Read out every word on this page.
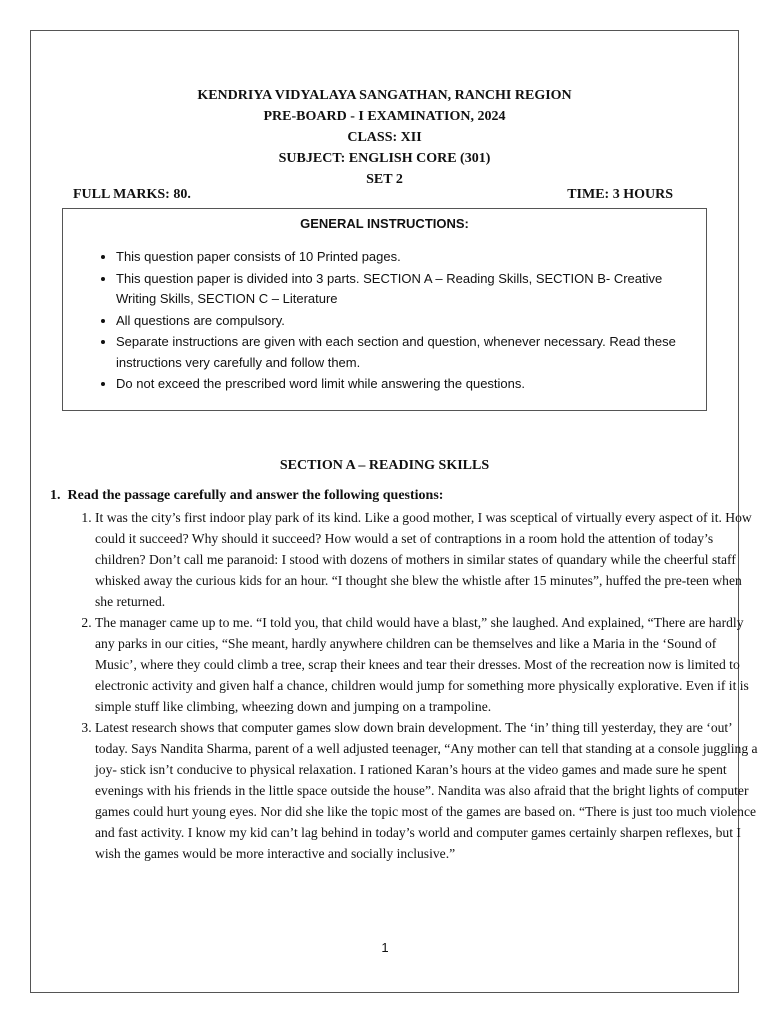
KENDRIYA VIDYALAYA SANGATHAN, RANCHI REGION
PRE-BOARD - I EXAMINATION, 2024
CLASS: XII
SUBJECT: ENGLISH CORE (301)
SET 2
FULL MARKS: 80.	TIME: 3 HOURS
GENERAL INSTRUCTIONS:
• This question paper consists of 10 Printed pages.
• This question paper is divided into 3 parts. SECTION A – Reading Skills, SECTION B- Creative Writing Skills, SECTION C – Literature
• All questions are compulsory.
• Separate instructions are given with each section and question, whenever necessary. Read these instructions very carefully and follow them.
• Do not exceed the prescribed word limit while answering the questions.
SECTION A – READING SKILLS
1. Read the passage carefully and answer the following questions:
1. It was the city’s first indoor play park of its kind. Like a good mother, I was sceptical of virtually every aspect of it. How could it succeed? Why should it succeed? How would a set of contraptions in a room hold the attention of today’s children? Don’t call me paranoid: I stood with dozens of mothers in similar states of quandary while the cheerful staff whisked away the curious kids for an hour. “I thought she blew the whistle after 15 minutes”, huffed the pre-teen when she returned.
2. The manager came up to me. “I told you, that child would have a blast,” she laughed. And explained, “There are hardly any parks in our cities, “She meant, hardly anywhere children can be themselves and like a Maria in the ‘Sound of Music’, where they could climb a tree, scrap their knees and tear their dresses. Most of the recreation now is limited to electronic activity and given half a chance, children would jump for something more physically explorative. Even if it is simple stuff like climbing, wheezing down and jumping on a trampoline.
3. Latest research shows that computer games slow down brain development. The ‘in’ thing till yesterday, they are ‘out’ today. Says Nandita Sharma, parent of a well adjusted teenager, “Any mother can tell that standing at a console juggling a joy- stick isn’t conducive to physical relaxation. I rationed Karan’s hours at the video games and made sure he spent evenings with his friends in the little space outside the house”. Nandita was also afraid that the bright lights of computer games could hurt young eyes. Nor did she like the topic most of the games are based on. “There is just too much violence and fast activity. I know my kid can’t lag behind in today’s world and computer games certainly sharpen reflexes, but I wish the games would be more interactive and socially inclusive.”
1
